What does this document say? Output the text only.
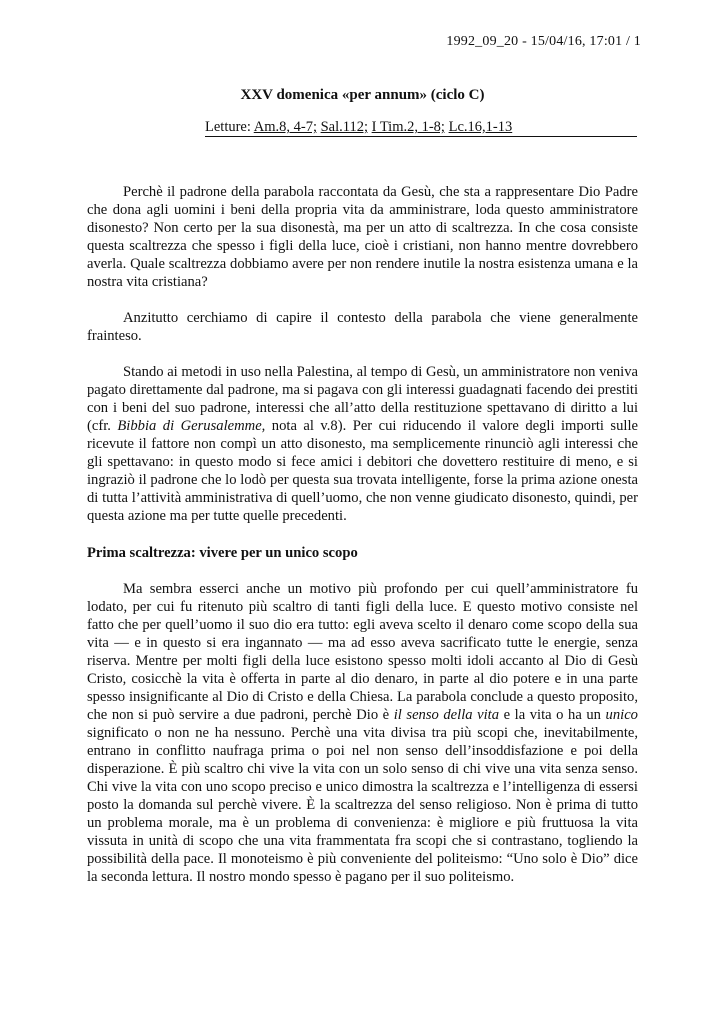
1992_09_20 - 15/04/16, 17:01 / 1
XXV domenica «per annum» (ciclo C)
Letture: Am.8, 4-7; Sal.112; I Tim.2, 1-8; Lc.16,1-13

Perchè il padrone della parabola raccontata da Gesù, che sta a rappresentare Dio Padre che dona agli uomini i beni della propria vita da amministrare, loda questo amministratore disonesto? Non certo per la sua disonestà, ma per un atto di scaltrezza. In che cosa consiste questa scaltrezza che spesso i figli della luce, cioè i cristiani, non hanno mentre dovrebbero averla. Quale scaltrezza dobbiamo avere per non rendere inutile la nostra esistenza umana e la nostra vita cristiana?

Anzitutto cerchiamo di capire il contesto della parabola che viene generalmente frainteso.

Stando ai metodi in uso nella Palestina, al tempo di Gesù, un amministratore non veniva pagato direttamente dal padrone, ma si pagava con gli interessi guadagnati facendo dei prestiti con i beni del suo padrone, interessi che all’atto della restituzione spettavano di diritto a lui (cfr. Bibbia di Gerusalemme, nota al v.8). Per cui riducendo il valore degli importi sulle ricevute il fattore non compì un atto disonesto, ma semplicemente rinunciò agli interessi che gli spettavano: in questo modo si fece amici i debitori che dovettero restituire di meno, e si ingraziò il padrone che lo lodò per questa sua trovata intelligente, forse la prima azione onesta di tutta l’attività amministrativa di quell’uomo, che non venne giudicato disonesto, quindi, per questa azione ma per tutte quelle precedenti.

Prima scaltrezza: vivere per un unico scopo

Ma sembra esserci anche un motivo più profondo per cui quell’amministratore fu lodato, per cui fu ritenuto più scaltro di tanti figli della luce. E questo motivo consiste nel fatto che per quell’uomo il suo dio era tutto: egli aveva scelto il denaro come scopo della sua vita — e in questo si era ingannato — ma ad esso aveva sacrificato tutte le energie, senza riserva. Mentre per molti figli della luce esistono spesso molti idoli accanto al Dio di Gesù Cristo, cosicchè la vita è offerta in parte al dio denaro, in parte al dio potere e in una parte spesso insignificante al Dio di Cristo e della Chiesa. La parabola conclude a questo proposito, che non si può servire a due padroni, perchè Dio è il senso della vita e la vita o ha un unico significato o non ne ha nessuno. Perchè una vita divisa tra più scopi che, inevitabilmente, entrano in conflitto naufraga prima o poi nel non senso dell’insoddisfazione e poi della disperazione. È più scaltro chi vive la vita con un solo senso di chi vive una vita senza senso. Chi vive la vita con uno scopo preciso e unico dimostra la scaltrezza e l’intelligenza di essersi posto la domanda sul perchè vivere. È la scaltrezza del senso religioso. Non è prima di tutto un problema morale, ma è un problema di convenienza: è migliore e più fruttuosa la vita vissuta in unità di scopo che una vita frammentata fra scopi che si contrastano, togliendo la possibilità della pace. Il monoteismo è più conveniente del politeismo: “Uno solo è Dio” dice la seconda lettura. Il nostro mondo spesso è pagano per il suo politeismo.
